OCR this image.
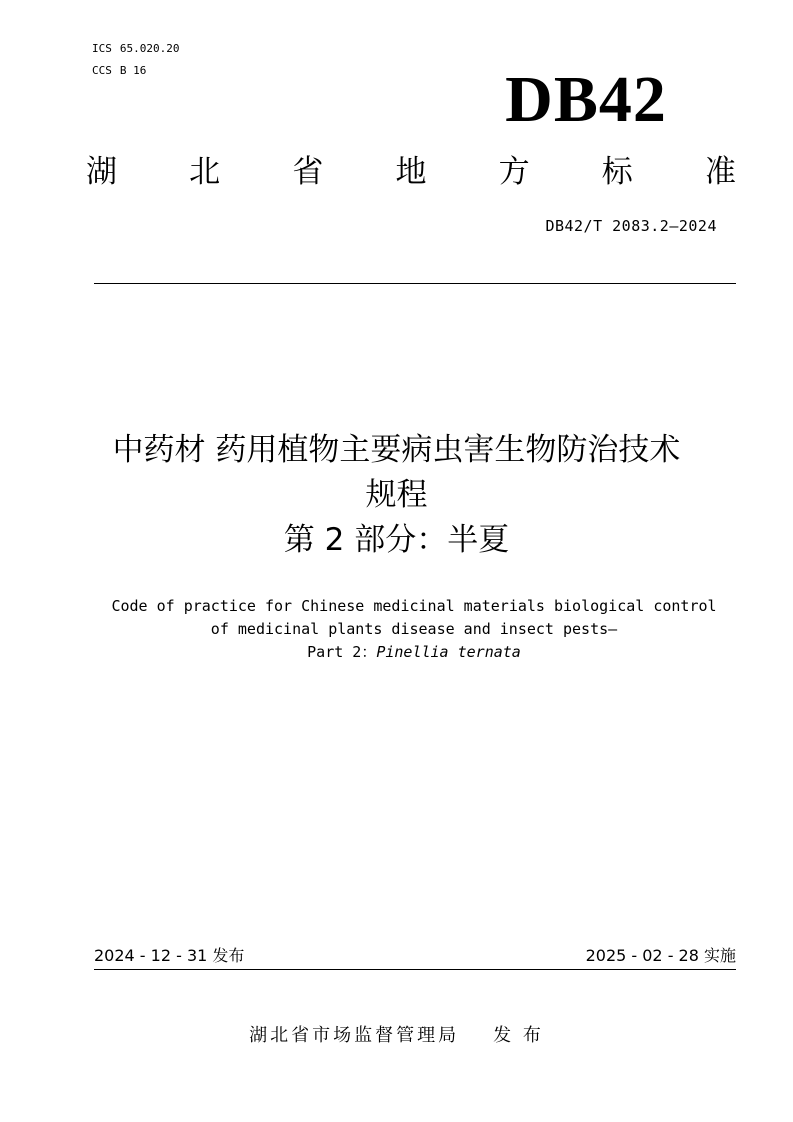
ICS 65.020.20
CCS B 16	DB42
湖 北 省 地 方 标 准
DB42/T 2083.2—2024
中药材 药用植物主要病虫害生物防治技术
规程
第 2 部分：半夏
Code of practice for Chinese medicinal materials biological control
of medicinal plants disease and insect pests—
Part 2：Pinellia ternata
2024 - 12 - 31 发布	2025 - 02 - 28 实施
湖北省市场监督管理局 发 布
